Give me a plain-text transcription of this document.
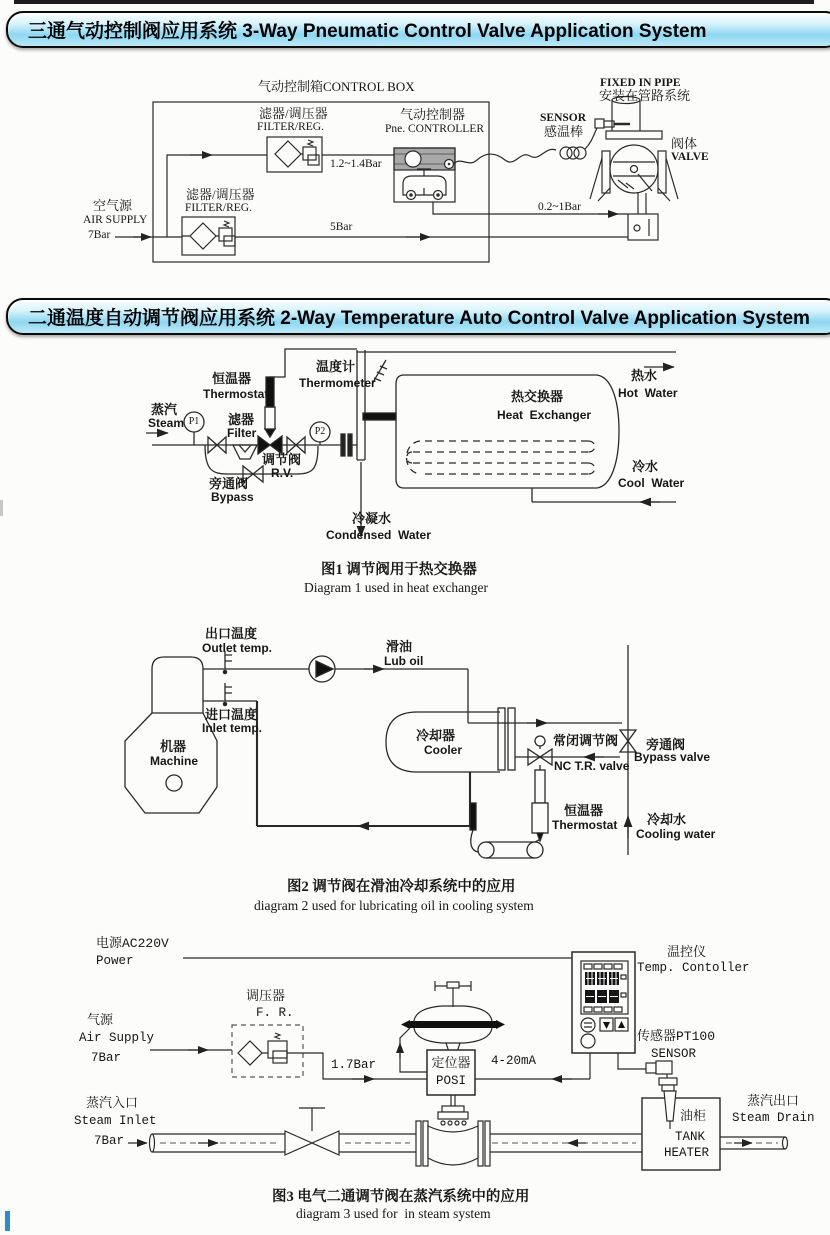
三通气动控制阀应用系统 3-Way Pneumatic Control Valve Application System
二通温度自动调节阀应用系统 2-Way Temperature Auto Control Valve Application System
气动控制箱CONTROL BOX
滤器/调压器
FILTER/REG.
气动控制器
Pne. CONTROLLER
1.2~1.4Bar
滤器/调压器
FILTER/REG.
空气源
AIR SUPPLY
7Bar
5Bar
0.2~1Bar
SENSOR
感温棒
FIXED IN PIPE
安装在管路系统
阀体
VALVE
恒温器
Thermostat
温度计
Thermometer
蒸汽
Steam P1
P2
滤器
Filter
调节阀
R.V.
旁通阀
Bypass
热交换器
Heat  Exchanger
热水
Hot  Water
冷水
Cool  Water
冷凝水
Condensed  Water
图1 调节阀用于热交换器
Diagram 1 used in heat exchanger
出口温度
Outlet temp.
进口温度
Inlet temp.
机器
Machine
滑油
Lub oil
冷却器
Cooler
常闭调节阀
NC T.R. valve
旁通阀
Bypass valve
恒温器
Thermostat 冷却水
Cooling water
图2 调节阀在滑油冷却系统中的应用
diagram 2 used for lubricating oil in cooling system
电源AC220V
Power
气源
Air Supply
7Bar
调压器
F. R.
1.7Bar	4-20mA
定位器
POSI
温控仪
Temp. Contoller
传感器PT100
SENSOR
蒸汽入口
Steam Inlet
7Bar
油柜
TANK
HEATER
蒸汽出口
Steam Drain
图3 电气二通调节阀在蒸汽系统中的应用
diagram 3 used for  in steam system
